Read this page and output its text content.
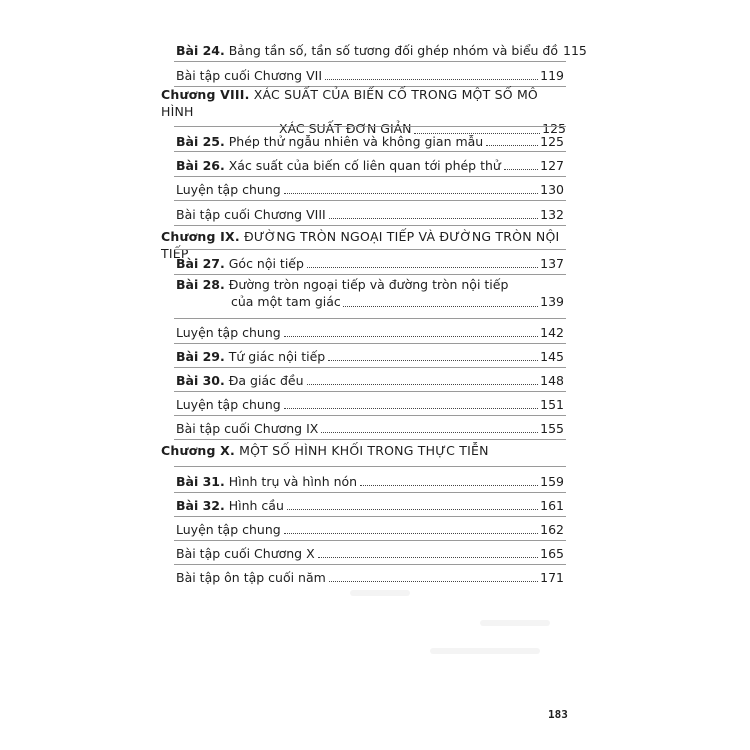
Bài 24. Bảng tần số, tần số tương đối ghép nhóm và biểu đồ 115
Bài tập cuối Chương VII	119
Chương VIII. XÁC SUẤT CỦA BIẾN CỐ TRONG MỘT SỐ MÔ HÌNH
XÁC SUẤT ĐƠN GIẢN	125
Bài 25. Phép thử ngẫu nhiên và không gian mẫu	125
Bài 26. Xác suất của biến cố liên quan tới phép thử	127
Luyện tập chung	130
Bài tập cuối Chương VIII	132
Chương IX. ĐƯỜNG TRÒN NGOẠI TIẾP VÀ ĐƯỜNG TRÒN NỘI TIẾP
Bài 27. Góc nội tiếp	137
Bài 28. Đường tròn ngoại tiếp và đường tròn nội tiếp
của một tam giác	139
Luyện tập chung	142
Bài 29. Tứ giác nội tiếp	145
Bài 30. Đa giác đều	148
Luyện tập chung	151
Bài tập cuối Chương IX	155
Chương X. MỘT SỐ HÌNH KHỐI TRONG THỰC TIỄN
Bài 31. Hình trụ và hình nón	159
Bài 32. Hình cầu	161
Luyện tập chung	162
Bài tập cuối Chương X	165
Bài tập ôn tập cuối năm	171
183
